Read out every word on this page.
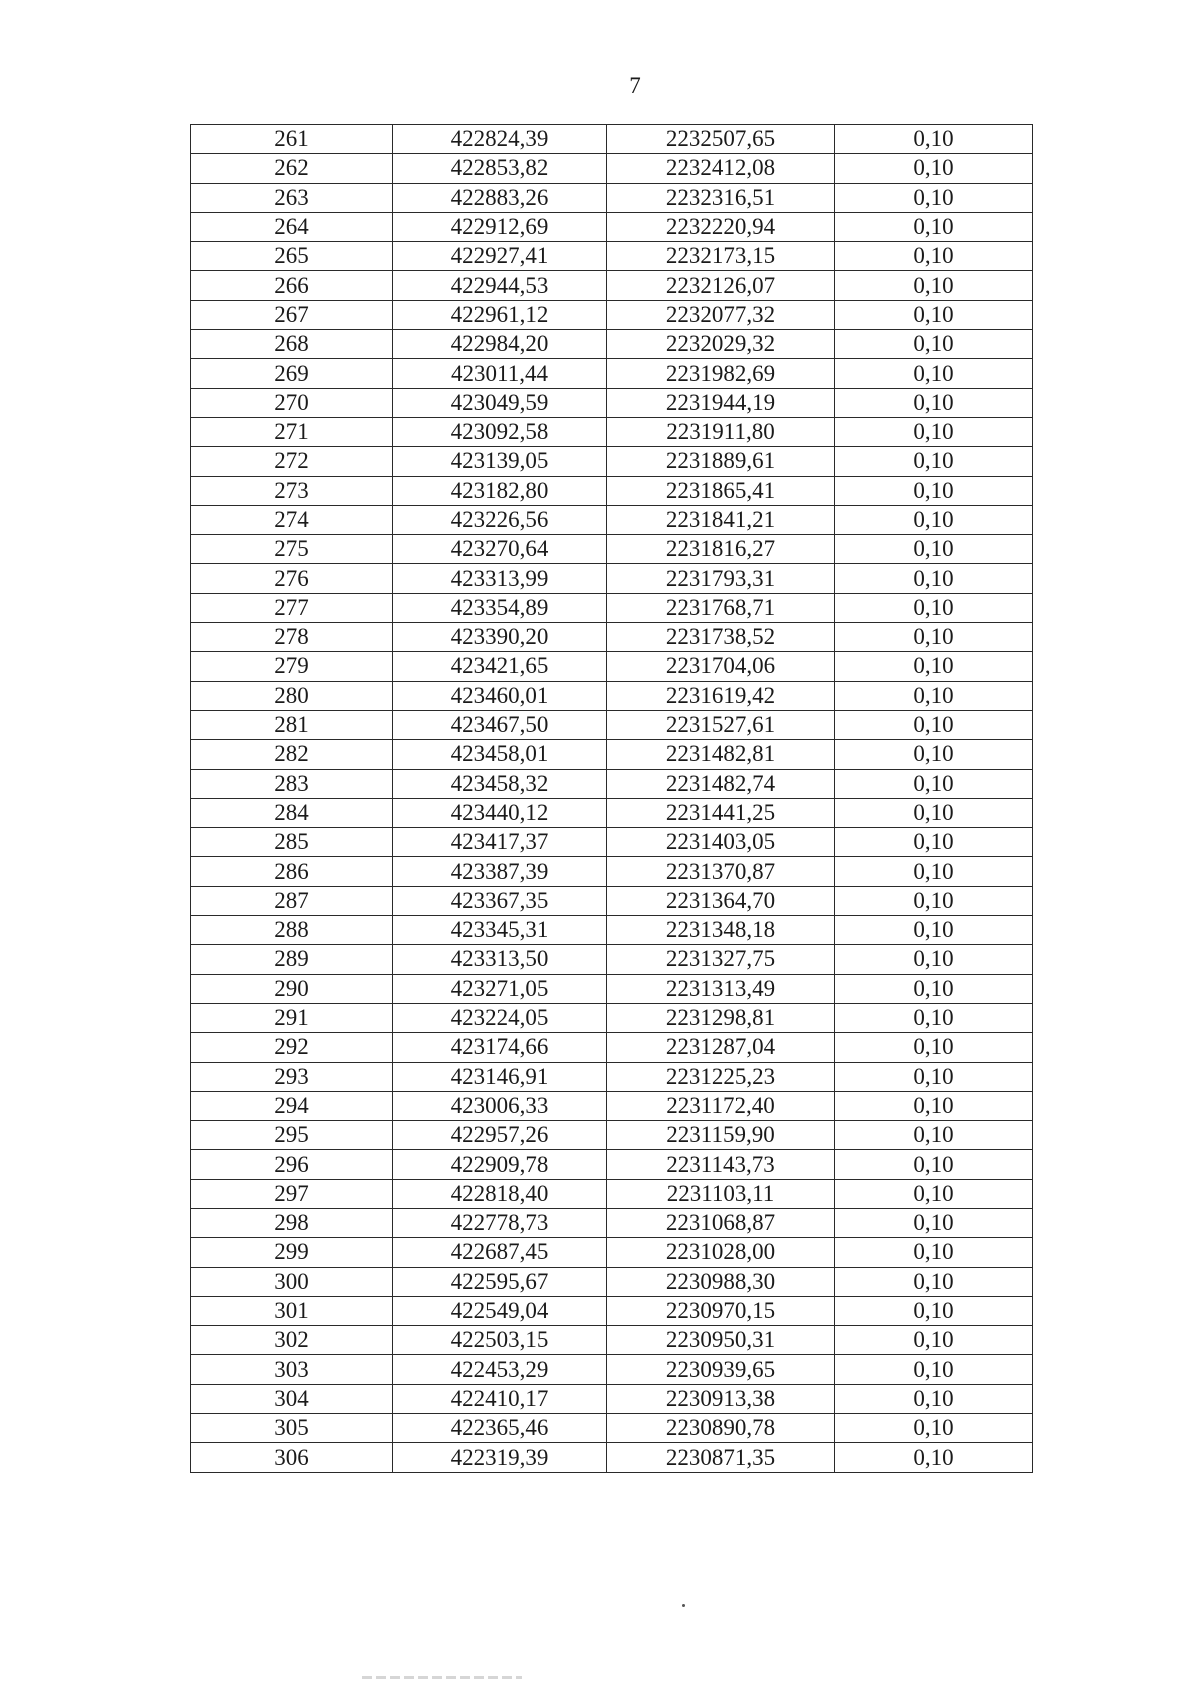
7
261	422824,39	2232507,65	0,10
262	422853,82	2232412,08	0,10
263	422883,26	2232316,51	0,10
264	422912,69	2232220,94	0,10
265	422927,41	2232173,15	0,10
266	422944,53	2232126,07	0,10
267	422961,12	2232077,32	0,10
268	422984,20	2232029,32	0,10
269	423011,44	2231982,69	0,10
270	423049,59	2231944,19	0,10
271	423092,58	2231911,80	0,10
272	423139,05	2231889,61	0,10
273	423182,80	2231865,41	0,10
274	423226,56	2231841,21	0,10
275	423270,64	2231816,27	0,10
276	423313,99	2231793,31	0,10
277	423354,89	2231768,71	0,10
278	423390,20	2231738,52	0,10
279	423421,65	2231704,06	0,10
280	423460,01	2231619,42	0,10
281	423467,50	2231527,61	0,10
282	423458,01	2231482,81	0,10
283	423458,32	2231482,74	0,10
284	423440,12	2231441,25	0,10
285	423417,37	2231403,05	0,10
286	423387,39	2231370,87	0,10
287	423367,35	2231364,70	0,10
288	423345,31	2231348,18	0,10
289	423313,50	2231327,75	0,10
290	423271,05	2231313,49	0,10
291	423224,05	2231298,81	0,10
292	423174,66	2231287,04	0,10
293	423146,91	2231225,23	0,10
294	423006,33	2231172,40	0,10
295	422957,26	2231159,90	0,10
296	422909,78	2231143,73	0,10
297	422818,40	2231103,11	0,10
298	422778,73	2231068,87	0,10
299	422687,45	2231028,00	0,10
300	422595,67	2230988,30	0,10
301	422549,04	2230970,15	0,10
302	422503,15	2230950,31	0,10
303	422453,29	2230939,65	0,10
304	422410,17	2230913,38	0,10
305	422365,46	2230890,78	0,10
306	422319,39	2230871,35	0,10
